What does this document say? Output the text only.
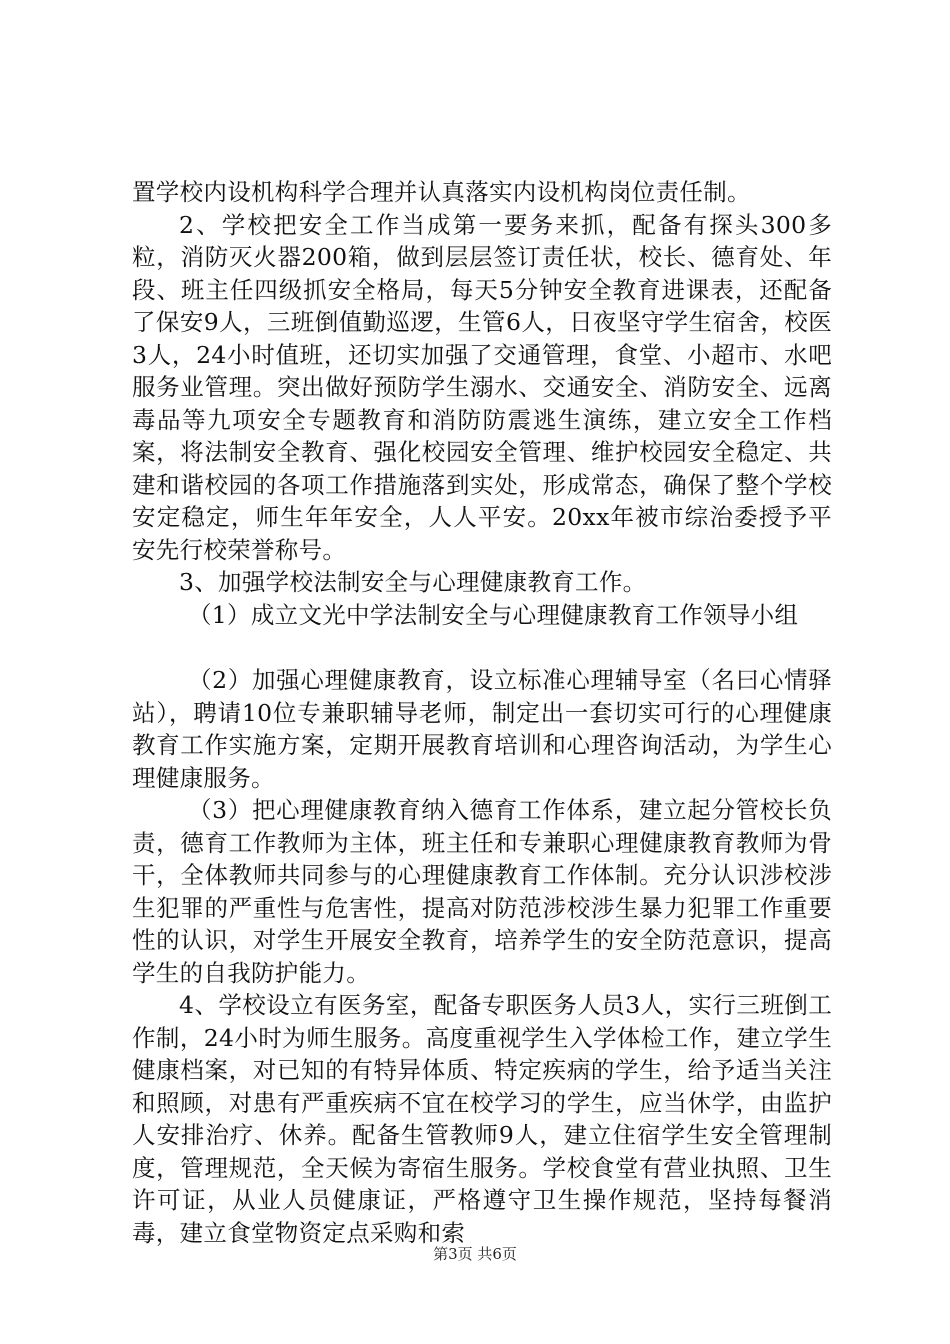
置学校内设机构科学合理并认真落实内设机构岗位责任制。

2、学校把安全工作当成第一要务来抓，配备有探头300多粒，消防灭火器200箱，做到层层签订责任状，校长、德育处、年段、班主任四级抓安全格局，每天5分钟安全教育进课表，还配备了保安9人，三班倒值勤巡逻，生管6人，日夜坚守学生宿舍，校医3人，24小时值班，还切实加强了交通管理，食堂、小超市、水吧服务业管理。突出做好预防学生溺水、交通安全、消防安全、远离毒品等九项安全专题教育和消防防震逃生演练，建立安全工作档案，将法制安全教育、强化校园安全管理、维护校园安全稳定、共建和谐校园的各项工作措施落到实处，形成常态，确保了整个学校安定稳定，师生年年安全，人人平安。20xx年被市综治委授予平安先行校荣誉称号。

3、加强学校法制安全与心理健康教育工作。

（1）成立文光中学法制安全与心理健康教育工作领导小组

（2）加强心理健康教育，设立标准心理辅导室（名曰心情驿站），聘请10位专兼职辅导老师，制定出一套切实可行的心理健康教育工作实施方案，定期开展教育培训和心理咨询活动，为学生心理健康服务。

（3）把心理健康教育纳入德育工作体系，建立起分管校长负责，德育工作教师为主体，班主任和专兼职心理健康教育教师为骨干，全体教师共同参与的心理健康教育工作体制。充分认识涉校涉生犯罪的严重性与危害性，提高对防范涉校涉生暴力犯罪工作重要性的认识，对学生开展安全教育，培养学生的安全防范意识，提高学生的自我防护能力。

4、学校设立有医务室，配备专职医务人员3人，实行三班倒工作制，24小时为师生服务。高度重视学生入学体检工作，建立学生健康档案，对已知的有特异体质、特定疾病的学生，给予适当关注和照顾，对患有严重疾病不宜在校学习的学生，应当休学，由监护人安排治疗、休养。配备生管教师9人，建立住宿学生安全管理制度，管理规范，全天候为寄宿生服务。学校食堂有营业执照、卫生许可证，从业人员健康证，严格遵守卫生操作规范，坚持每餐消毒，建立食堂物资定点采购和索

第3页 共6页
